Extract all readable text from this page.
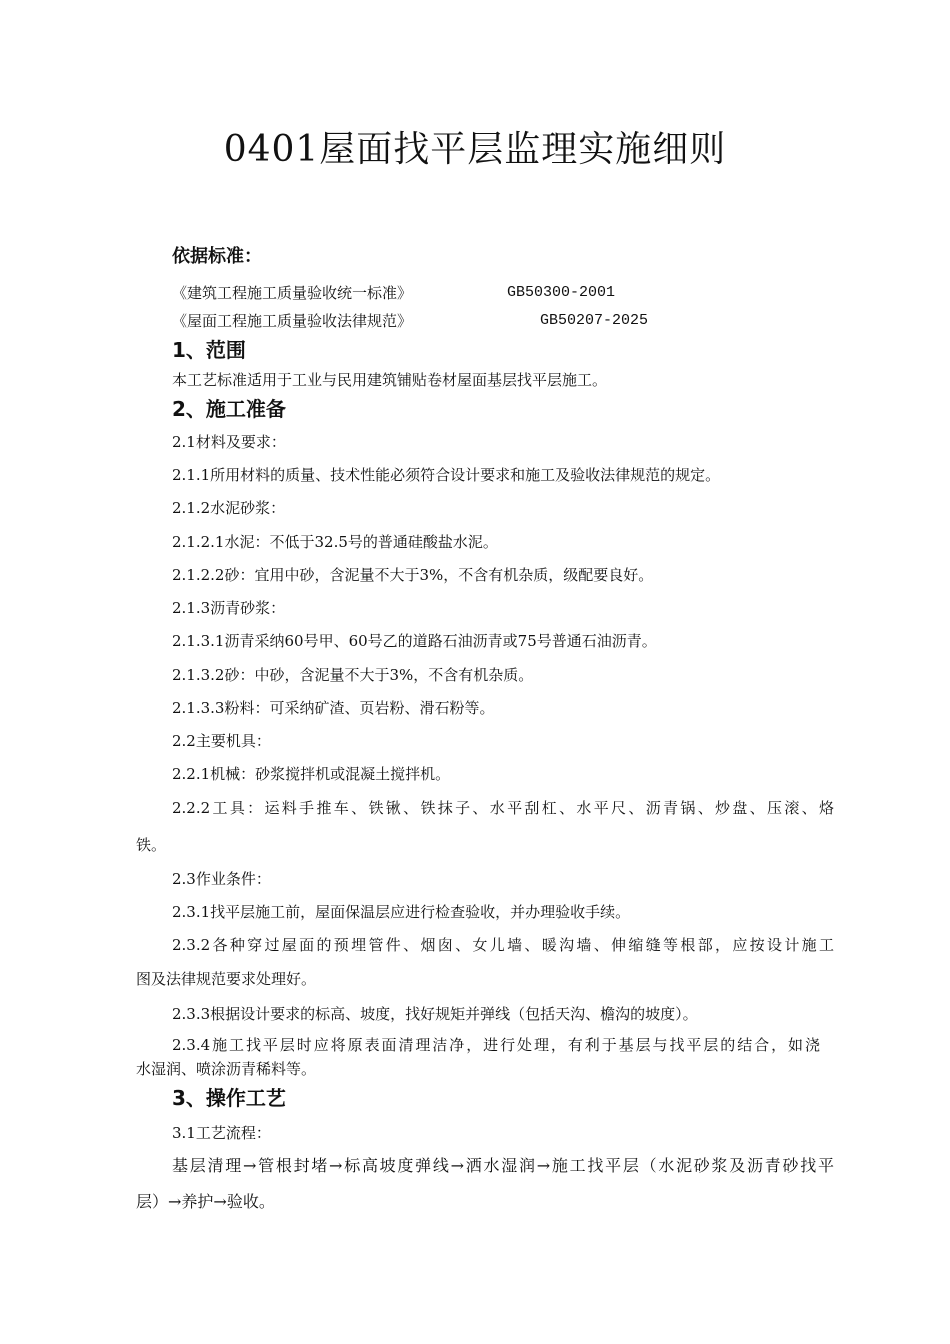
0401屋面找平层监理实施细则
依据标准：
《建筑工程施工质量验收统一标准》	GB50300-2001
《屋面工程施工质量验收法律规范》	GB50207-2025
1、范围
本工艺标准适用于工业与民用建筑铺贴卷材屋面基层找平层施工。
2、施工准备
2.1材料及要求：
2.1.1所用材料的质量、技术性能必须符合设计要求和施工及验收法律规范的规定。
2.1.2水泥砂浆：
2.1.2.1水泥：不低于32.5号的普通硅酸盐水泥。
2.1.2.2砂：宜用中砂，含泥量不大于3%，不含有机杂质，级配要良好。
2.1.3沥青砂浆：
2.1.3.1沥青采纳60号甲、60号乙的道路石油沥青或75号普通石油沥青。
2.1.3.2砂：中砂，含泥量不大于3%，不含有机杂质。
2.1.3.3粉料：可采纳矿渣、页岩粉、滑石粉等。
2.2主要机具：
2.2.1机械：砂浆搅拌机或混凝土搅拌机。
2.2.2工具：运料手推车、铁锹、铁抹子、水平刮杠、水平尺、沥青锅、炒盘、压滚、烙
铁。
2.3作业条件：
2.3.1找平层施工前，屋面保温层应进行检查验收，并办理验收手续。
2.3.2各种穿过屋面的预埋管件、烟囱、女儿墙、暖沟墙、伸缩缝等根部，应按设计施工
图及法律规范要求处理好。
2.3.3根据设计要求的标高、坡度，找好规矩并弹线（包括天沟、檐沟的坡度）。
2.3.4施工找平层时应将原表面清理洁净，进行处理，有利于基层与找平层的结合，如浇
水湿润、喷涂沥青稀料等。
3、操作工艺
3.1工艺流程：
基层清理→管根封堵→标高坡度弹线→洒水湿润→施工找平层（水泥砂浆及沥青砂找平
层）→养护→验收。
